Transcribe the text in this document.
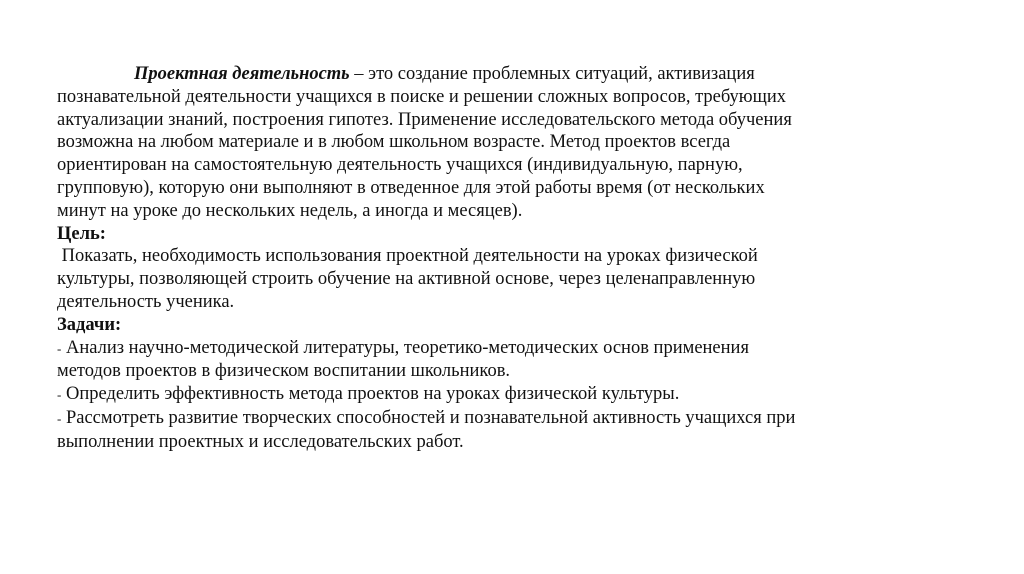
Проектная деятельность – это создание проблемных ситуаций, активизация
познавательной деятельности учащихся в поиске и решении сложных вопросов, требующих
актуализации знаний, построения гипотез. Применение исследовательского метода обучения
возможна на любом материале и в любом школьном возрасте. Метод проектов всегда
ориентирован на самостоятельную деятельность учащихся (индивидуальную, парную,
групповую), которую они выполняют в отведенное для этой работы время (от нескольких
минут на уроке до нескольких недель, а иногда и месяцев).
Цель:
Показать, необходимость использования проектной деятельности на уроках физической
культуры, позволяющей строить обучение на активной основе, через целенаправленную
деятельность ученика.
Задачи:
- Анализ научно-методической литературы, теоретико-методических основ применения
методов проектов в физическом воспитании школьников.
- Определить эффективность метода проектов на уроках физической культуры.
- Рассмотреть развитие творческих способностей и познавательной активность учащихся при
выполнении проектных и исследовательских работ.
